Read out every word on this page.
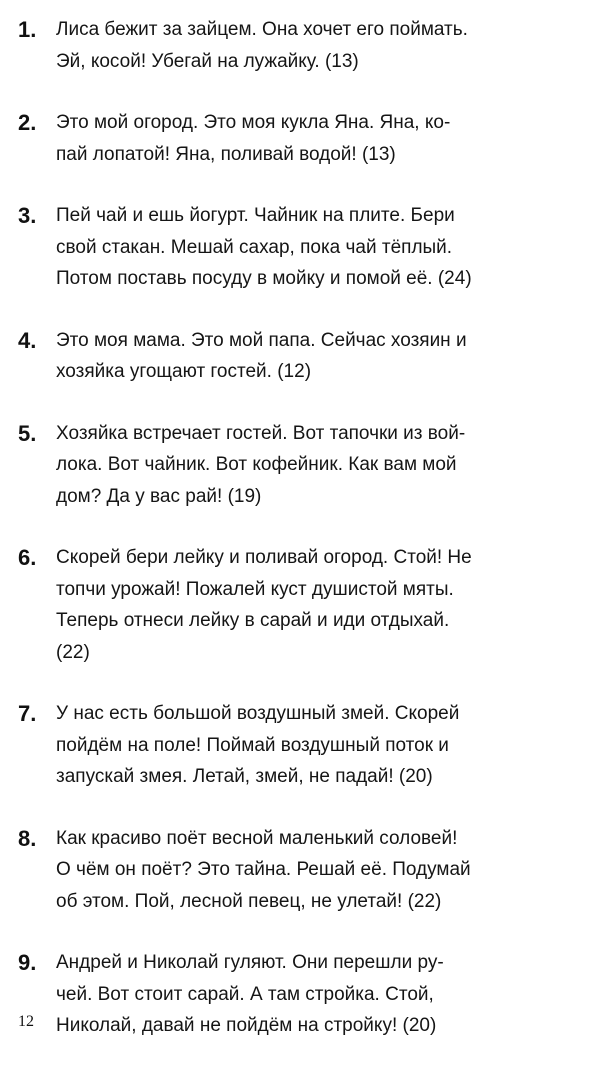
1.	Лиса бежит за зайцем. Она хочет его поймать.
Эй, косой! Убегай на лужайку. (13)
2.	Это мой огород. Это моя кукла Яна. Яна, ко-
пай лопатой! Яна, поливай водой! (13)
3.	Пей чай и ешь йогурт. Чайник на плите. Бери
свой стакан. Мешай сахар, пока чай тёплый.
Потом поставь посуду в мойку и помой её. (24)
4.	Это моя мама. Это мой папа. Сейчас хозяин и
хозяйка угощают гостей. (12)
5.	Хозяйка встречает гостей. Вот тапочки из вой-
лока. Вот чайник. Вот кофейник. Как вам мой
дом? Да у вас рай! (19)
6.	Скорей бери лейку и поливай огород. Стой! Не
топчи урожай! Пожалей куст душистой мяты.
Теперь отнеси лейку в сарай и иди отдыхай.
(22)
7.	У нас есть большой воздушный змей. Скорей
пойдём на поле! Поймай воздушный поток и
запускай змея. Летай, змей, не падай! (20)
8.	Как красиво поёт весной маленький соловей!
О чём он поёт? Это тайна. Решай её. Подумай
об этом. Пой, лесной певец, не улетай! (22)
9.	Андрей и Николай гуляют. Они перешли ру-
чей. Вот стоит сарай. А там стройка. Стой,
Николай, давай не пойдём на стройку! (20)
12
